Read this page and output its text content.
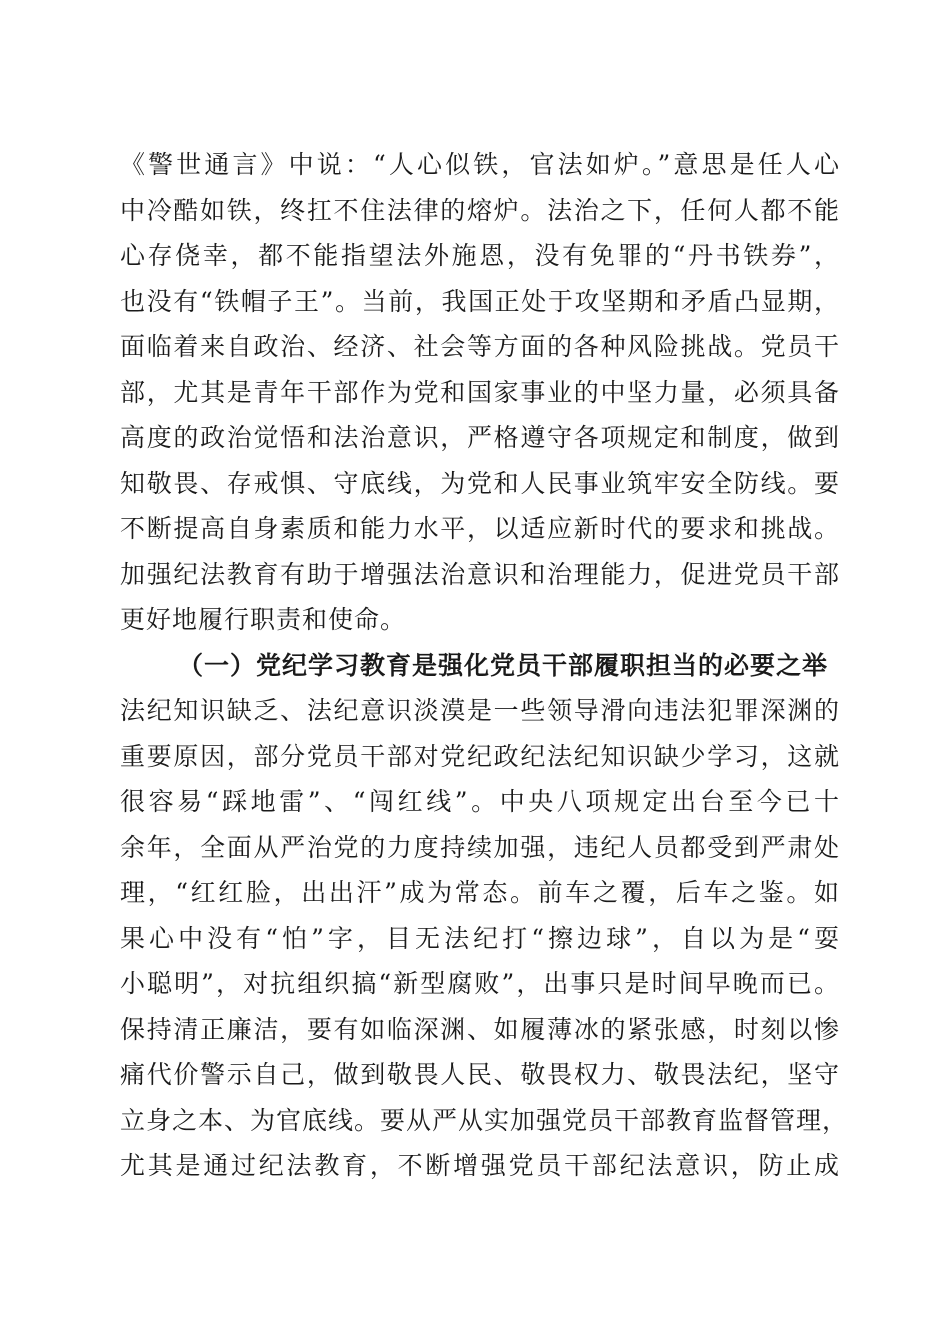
《警世通言》中说：“人心似铁，官法如炉。”意思是任人心
中冷酷如铁，终扛不住法律的熔炉。法治之下，任何人都不能
心存侥幸，都不能指望法外施恩，没有免罪的“丹书铁券”，
也没有“铁帽子王”。当前，我国正处于攻坚期和矛盾凸显期，
面临着来自政治、经济、社会等方面的各种风险挑战。党员干
部，尤其是青年干部作为党和国家事业的中坚力量，必须具备
高度的政治觉悟和法治意识，严格遵守各项规定和制度，做到
知敬畏、存戒惧、守底线，为党和人民事业筑牢安全防线。要
不断提高自身素质和能力水平，以适应新时代的要求和挑战。
加强纪法教育有助于增强法治意识和治理能力，促进党员干部
更好地履行职责和使命。
（一）党纪学习教育是强化党员干部履职担当的必要之举
法纪知识缺乏、法纪意识淡漠是一些领导滑向违法犯罪深渊的
重要原因，部分党员干部对党纪政纪法纪知识缺少学习，这就
很容易“踩地雷”、“闯红线”。中央八项规定出台至今已十
余年，全面从严治党的力度持续加强，违纪人员都受到严肃处
理，“红红脸，出出汗”成为常态。前车之覆，后车之鉴。如
果心中没有“怕”字，目无法纪打“擦边球”，自以为是“耍
小聪明”，对抗组织搞“新型腐败”，出事只是时间早晚而已。
保持清正廉洁，要有如临深渊、如履薄冰的紧张感，时刻以惨
痛代价警示自己，做到敬畏人民、敬畏权力、敬畏法纪，坚守
立身之本、为官底线。要从严从实加强党员干部教育监督管理，
尤其是通过纪法教育，不断增强党员干部纪法意识，防止成
